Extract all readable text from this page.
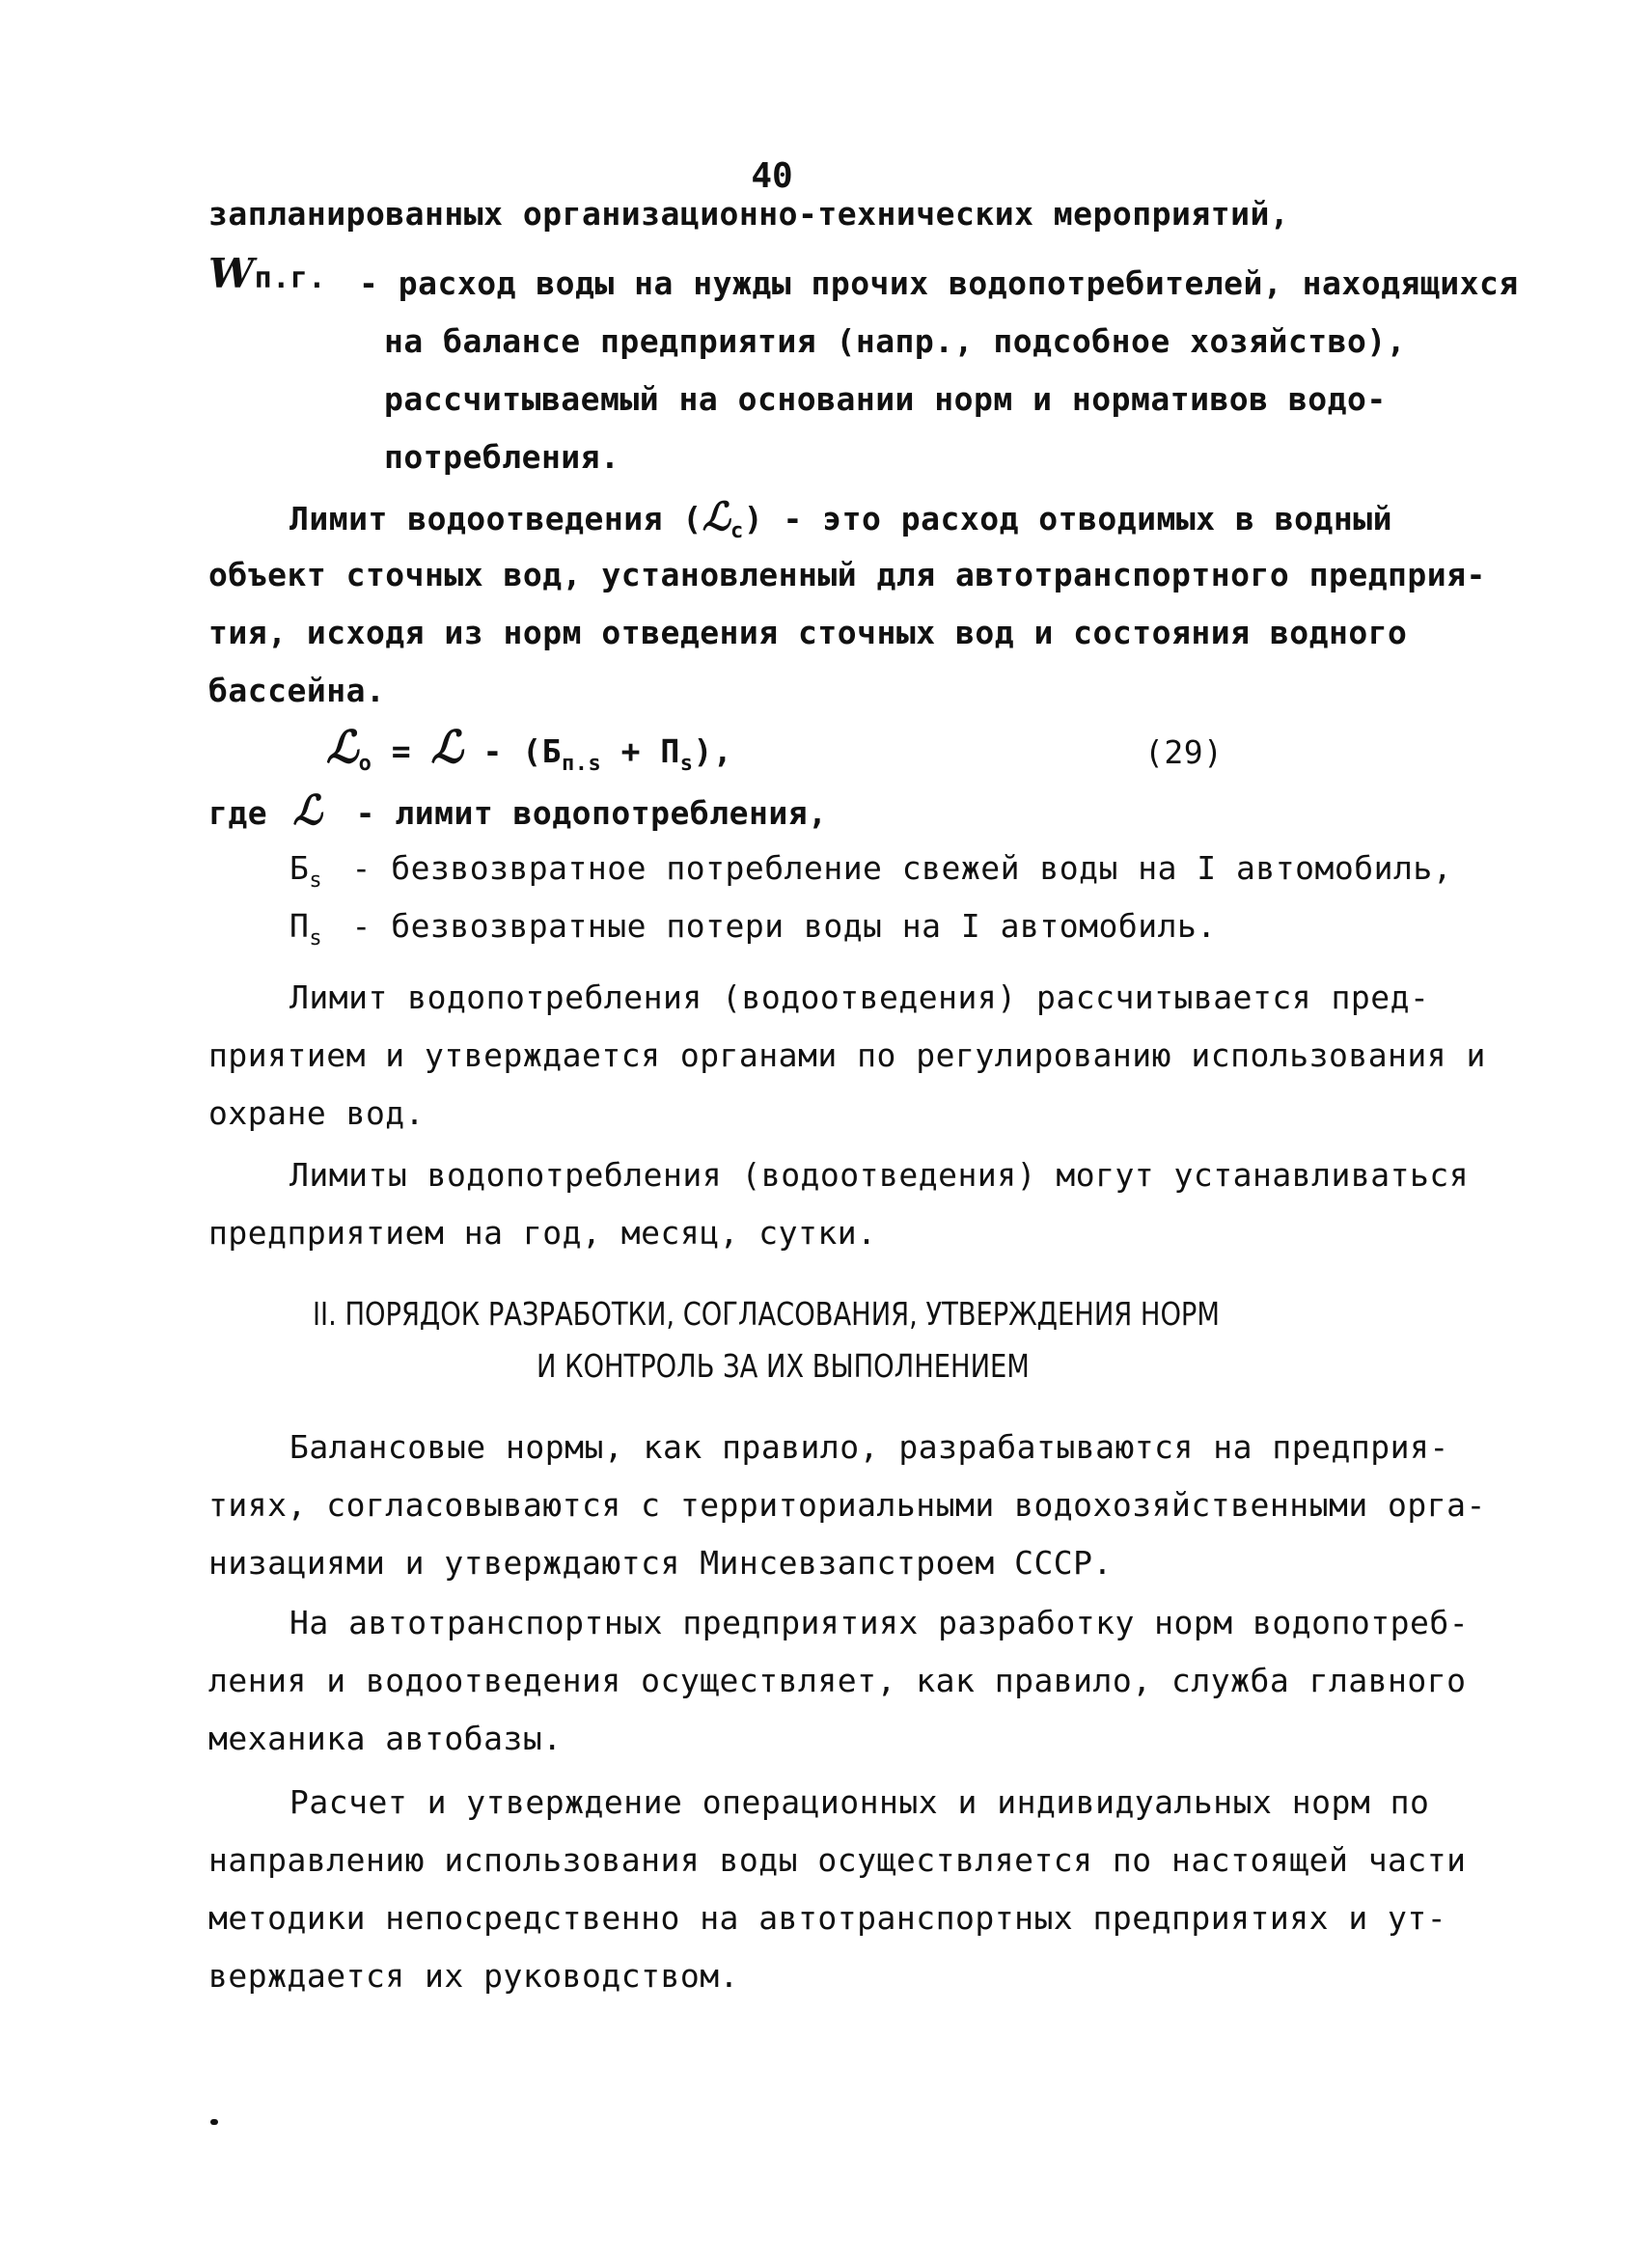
40
запланированных организационно-технических мероприятий,
Wп.г. - расход воды на нужды прочих водопотребителей, находящихся
на балансе предприятия (напр., подсобное хозяйство),
рассчитываемый на основании норм и нормативов водо-
потребления.
Лимит водоотведения (ℒ$_с$) - это расход отводимых в водный
объект сточных вод, установленный для автотранспортного предприя-
тия, исходя из норм отведения сточных вод и состояния водного
бассейна.
ℒ$_о$ = ℒ - $(Б_{п.s} + П_s)$,	(29)
где ℒ - лимит водопотребления,
$Б_s$ - безвозвратное потребление свежей воды на I автомобиль,
$П_s$ - безвозвратные потери воды на I автомобиль.
Лимит водопотребления (водоотведения) рассчитывается пред-
приятием и утверждается органами по регулированию использования и
охране вод.
Лимиты водопотребления (водоотведения) могут устанавливаться
предприятием на год, месяц, сутки.
II. ПОРЯДОК РАЗРАБОТКИ, СОГЛАСОВАНИЯ, УТВЕРЖДЕНИЯ НОРМ
И КОНТРОЛЬ ЗА ИХ ВЫПОЛНЕНИЕМ
Балансовые нормы, как правило, разрабатываются на предприя-
тиях, согласовываются с территориальными водохозяйственными орга-
низациями и утверждаются Минсевзапстроем СССР.
На автотранспортных предприятиях разработку норм водопотреб-
ления и водоотведения осуществляет, как правило, служба главного
механика автобазы.
Расчет и утверждение операционных и индивидуальных норм по
направлению использования воды осуществляется по настоящей части
методики непосредственно на автотранспортных предприятиях и ут-
верждается их руководством.
